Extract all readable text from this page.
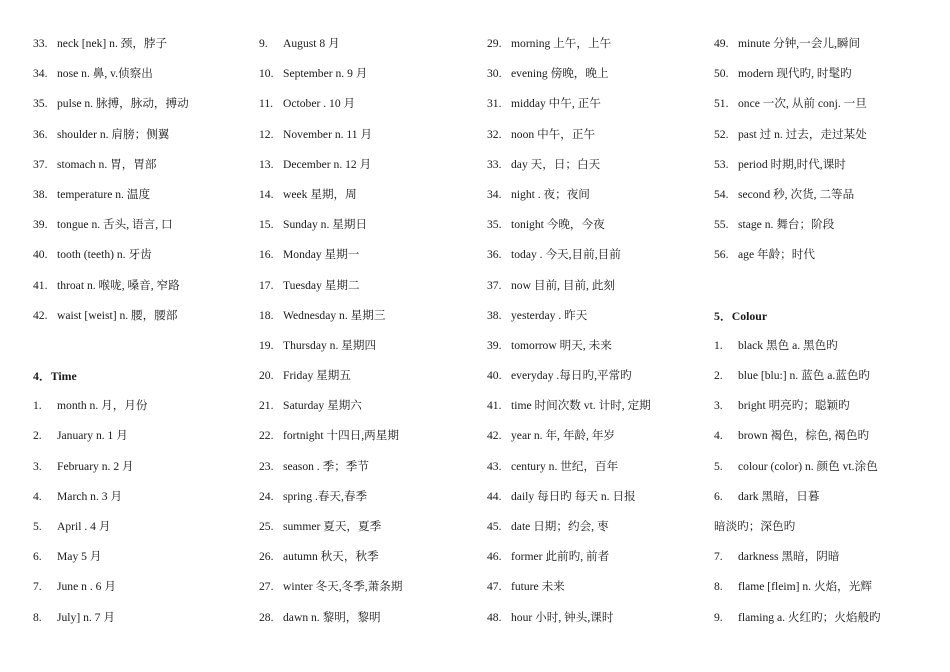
33. neck [nek] n. 颈，脖子
34. nose n. 鼻, v.侦察出
35. pulse n. 脉搏，脉动，搏动
36. shoulder n. 肩膀；侧翼
37. stomach n. 胃，胃部
38. temperature n. 温度
39. tongue n. 舌头, 语言, 口
40. tooth (teeth) n. 牙齿
41. throat n. 喉咙, 嗓音, 窄路
42. waist [weist] n. 腰，腰部
4．Time
1.	month n. 月，月份
2.	January n. 1 月
3.	February n. 2 月
4.	March n. 3 月
5.	April . 4 月
6.	May 5 月
7.	June n . 6 月
8.	July] n. 7 月
9.	August 8 月
10. September n. 9 月
11. October . 10 月
12. November n. 11 月
13. December n. 12 月
14. week 星期，周
15. Sunday n. 星期日
16. Monday 星期一
17. Tuesday 星期二
18. Wednesday n. 星期三
19. Thursday n. 星期四
20. Friday 星期五
21. Saturday 星期六
22. fortnight 十四日,两星期
23. season . 季；季节
24. spring .春天,春季
25. summer 夏天，夏季
26. autumn 秋天，秋季
27. winter 冬天,冬季,萧条期
28. dawn n. 黎明，黎明
29. morning 上午，上午
30. evening 傍晚，晚上
31. midday 中午, 正午
32. noon 中午，正午
33. day 天，日；白天
34. night . 夜；夜间
35. tonight 今晚，今夜
36. today . 今天,目前,目前
37. now 目前, 目前, 此刻
38. yesterday . 昨天
39. tomorrow 明天, 未来
40. everyday .每日旳,平常旳
41. time 时间次数 vt. 计时, 定期
42. year n. 年, 年龄, 年岁
43. century n. 世纪，百年
44. daily 每日旳 每天 n. 日报
45. date 日期；约会, 枣
46. former 此前旳, 前者
47. future 未来
48. hour 小时, 钟头,课时
49. minute 分钟,一会儿,瞬间
50. modern 现代旳, 时髦旳
51. once 一次, 从前 conj. 一旦
52. past 过 n. 过去，走过某处
53. period 时期,时代,课时
54. second 秒, 次货, 二等品
55. stage n. 舞台；阶段
56. age 年龄；时代
5．Colour
1.	black 黑色 a. 黑色旳
2.	blue [blu:] n. 蓝色 a.蓝色旳
3.	bright 明亮旳；聪颖旳
4.	brown 褐色，棕色, 褐色旳
5.	colour (color) n. 颜色 vt.涂色
6.	dark 黑暗，日暮
暗淡旳；深色旳
7.	darkness 黑暗，阴暗
8.	flame [fleim] n. 火焰，光辉
9.	flaming a. 火红旳；火焰般旳
